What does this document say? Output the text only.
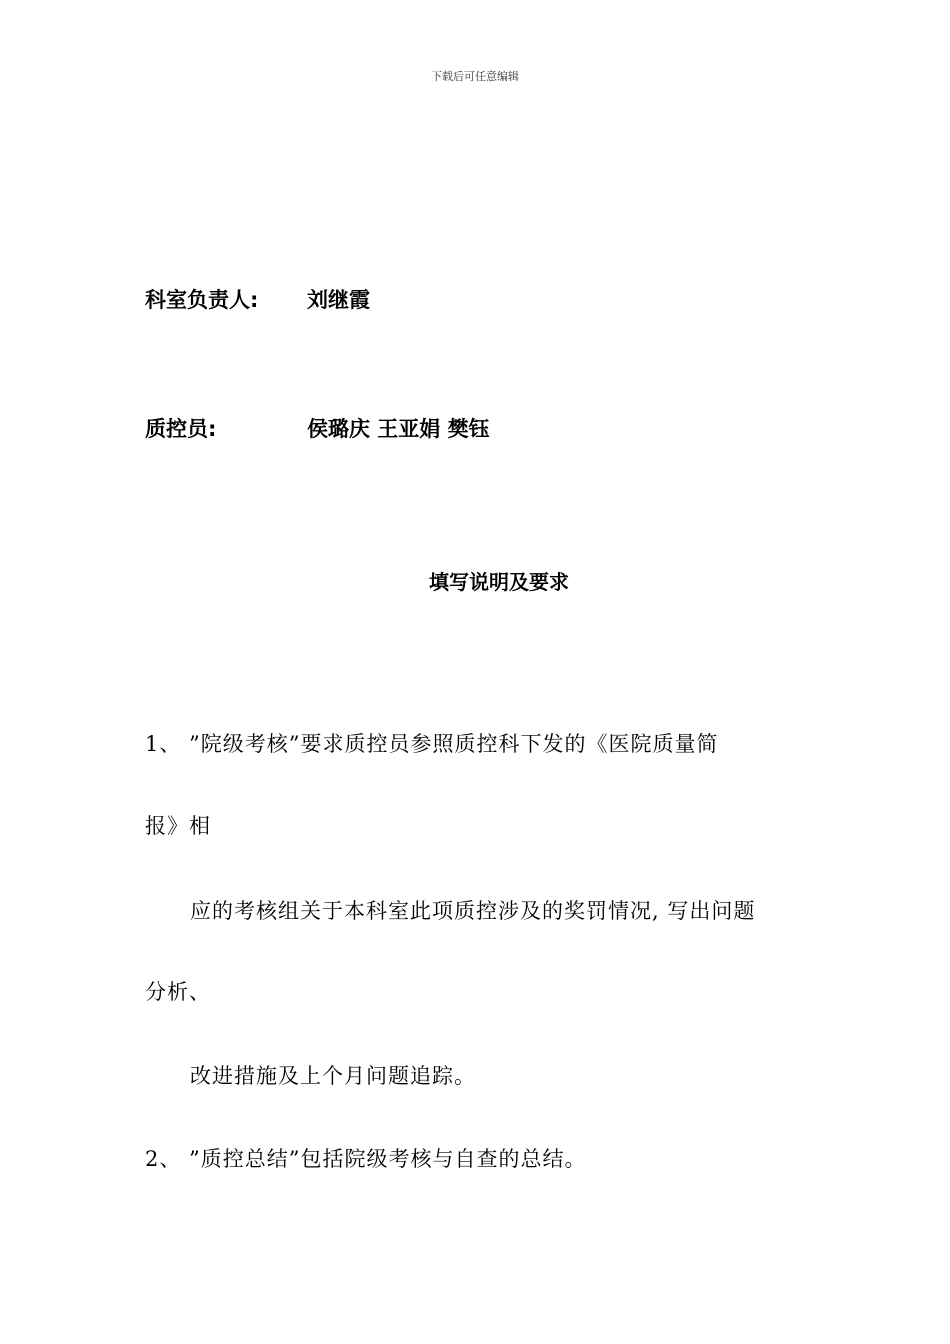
下载后可任意编辑
科室负责人: 刘继霞
质控员:	侯璐庆 王亚娟 樊钰
填写说明及要求
1、 ”院级考核”要求质控员参照质控科下发的《医院质量简
报》相
应的考核组关于本科室此项质控涉及的奖罚情况, 写出问题
分析、
改进措施及上个月问题追踪。
2、 ”质控总结”包括院级考核与自查的总结。
